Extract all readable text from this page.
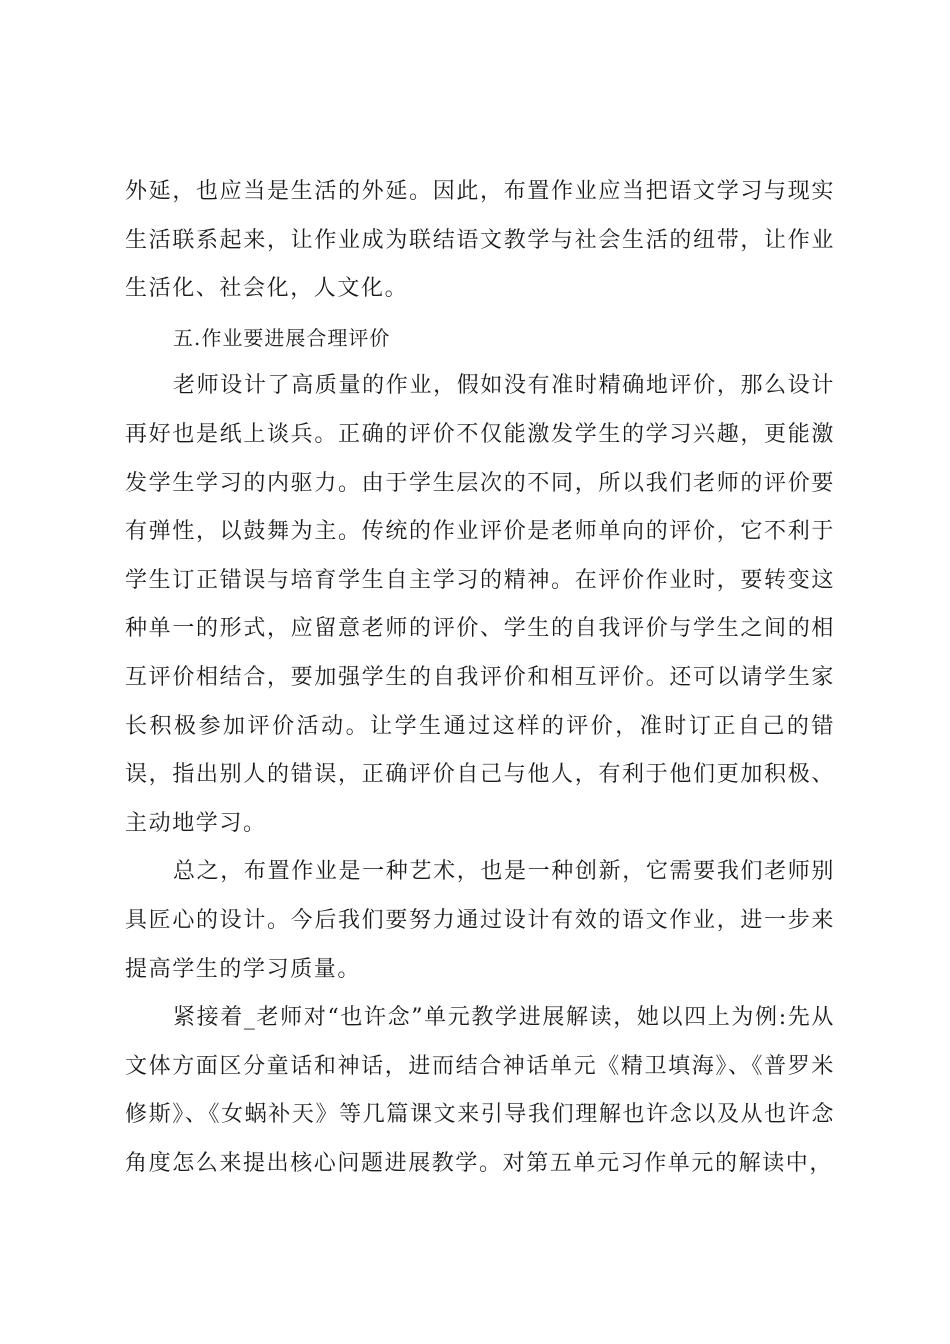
外延，也应当是生活的外延。因此，布置作业应当把语文学习与现实生活联系起来，让作业成为联结语文教学与社会生活的纽带，让作业生活化、社会化，人文化。

五.作业要进展合理评价

老师设计了高质量的作业，假如没有准时精确地评价，那么设计再好也是纸上谈兵。正确的评价不仅能激发学生的学习兴趣，更能激发学生学习的内驱力。由于学生层次的不同，所以我们老师的评价要有弹性，以鼓舞为主。传统的作业评价是老师单向的评价，它不利于学生订正错误与培育学生自主学习的精神。在评价作业时，要转变这种单一的形式，应留意老师的评价、学生的自我评价与学生之间的相互评价相结合，要加强学生的自我评价和相互评价。还可以请学生家长积极参加评价活动。让学生通过这样的评价，准时订正自己的错误，指出别人的错误，正确评价自己与他人，有利于他们更加积极、主动地学习。

总之，布置作业是一种艺术，也是一种创新，它需要我们老师别具匠心的设计。今后我们要努力通过设计有效的语文作业，进一步来提高学生的学习质量。

紧接着_老师对“也许念”单元教学进展解读，她以四上为例:先从文体方面区分童话和神话，进而结合神话单元《精卫填海》、《普罗米修斯》、《女蜗补天》等几篇课文来引导我们理解也许念以及从也许念角度怎么来提出核心问题进展教学。对第五单元习作单元的解读中，
